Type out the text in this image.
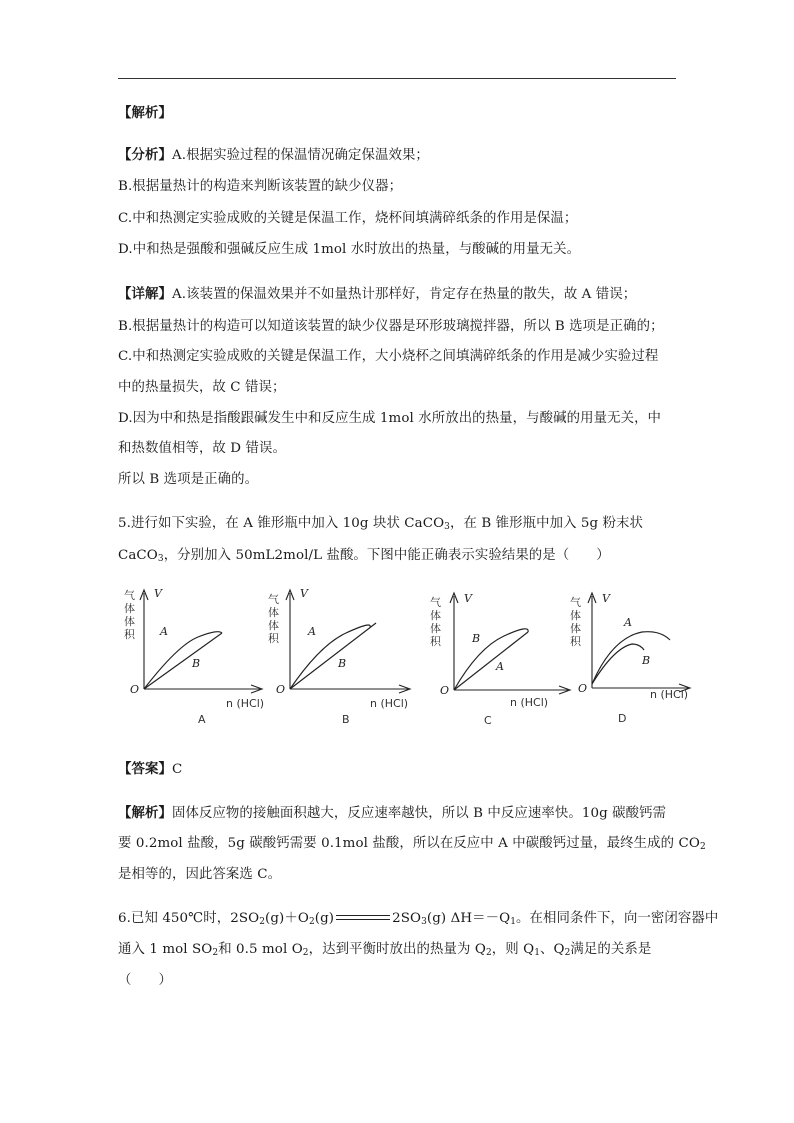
【解析】
【分析】A.根据实验过程的保温情况确定保温效果；
B.根据量热计的构造来判断该装置的缺少仪器；
C.中和热测定实验成败的关键是保温工作，烧杯间填满碎纸条的作用是保温；
D.中和热是强酸和强碱反应生成 1mol 水时放出的热量，与酸碱的用量无关。
【详解】A.该装置的保温效果并不如量热计那样好，肯定存在热量的散失，故 A 错误；
B.根据量热计的构造可以知道该装置的缺少仪器是环形玻璃搅拌器，所以 B 选项是正确的；
C.中和热测定实验成败的关键是保温工作，大小烧杯之间填满碎纸条的作用是减少实验过程
中的热量损失，故 C 错误；
D.因为中和热是指酸跟碱发生中和反应生成 1mol 水所放出的热量，与酸碱的用量无关，中
和热数值相等，故 D 错误。
所以 B 选项是正确的。
5.进行如下实验，在 A 锥形瓶中加入 10g 块状 CaCO$_3$，在 B 锥形瓶中加入 5g 粉末状
CaCO$_3$，分别加入 50mL2mol/L 盐酸。下图中能正确表示实验结果的是（　　）
气
体
体
积
V
O
A
B
n (HCl)
A
气
体
体
积
V
O
A
B
n (HCl)
B
气
体
体
积
V
O
B
A
n (HCl)
C
气
体
体
积
V
O
A
B
n (HCl)
D
【答案】C
【解析】固体反应物的接触面积越大，反应速率越快，所以 B 中反应速率快。10g 碳酸钙需
要 0.2mol 盐酸，5g 碳酸钙需要 0.1mol 盐酸，所以在反应中 A 中碳酸钙过量，最终生成的 $CO_2$
是相等的，因此答案选 C。
6.已知 450℃时，$2SO_2(g)+O_2(g)$	$2SO_3(g)$ $\Delta H=-Q_1$。在相同条件下，向一密闭容器中
通入 1 mol $SO_2$和 0.5 mol $O_2$，达到平衡时放出的热量为 $Q_2$，则 $Q_1$、$Q_2$满足的关系是
（　　）
